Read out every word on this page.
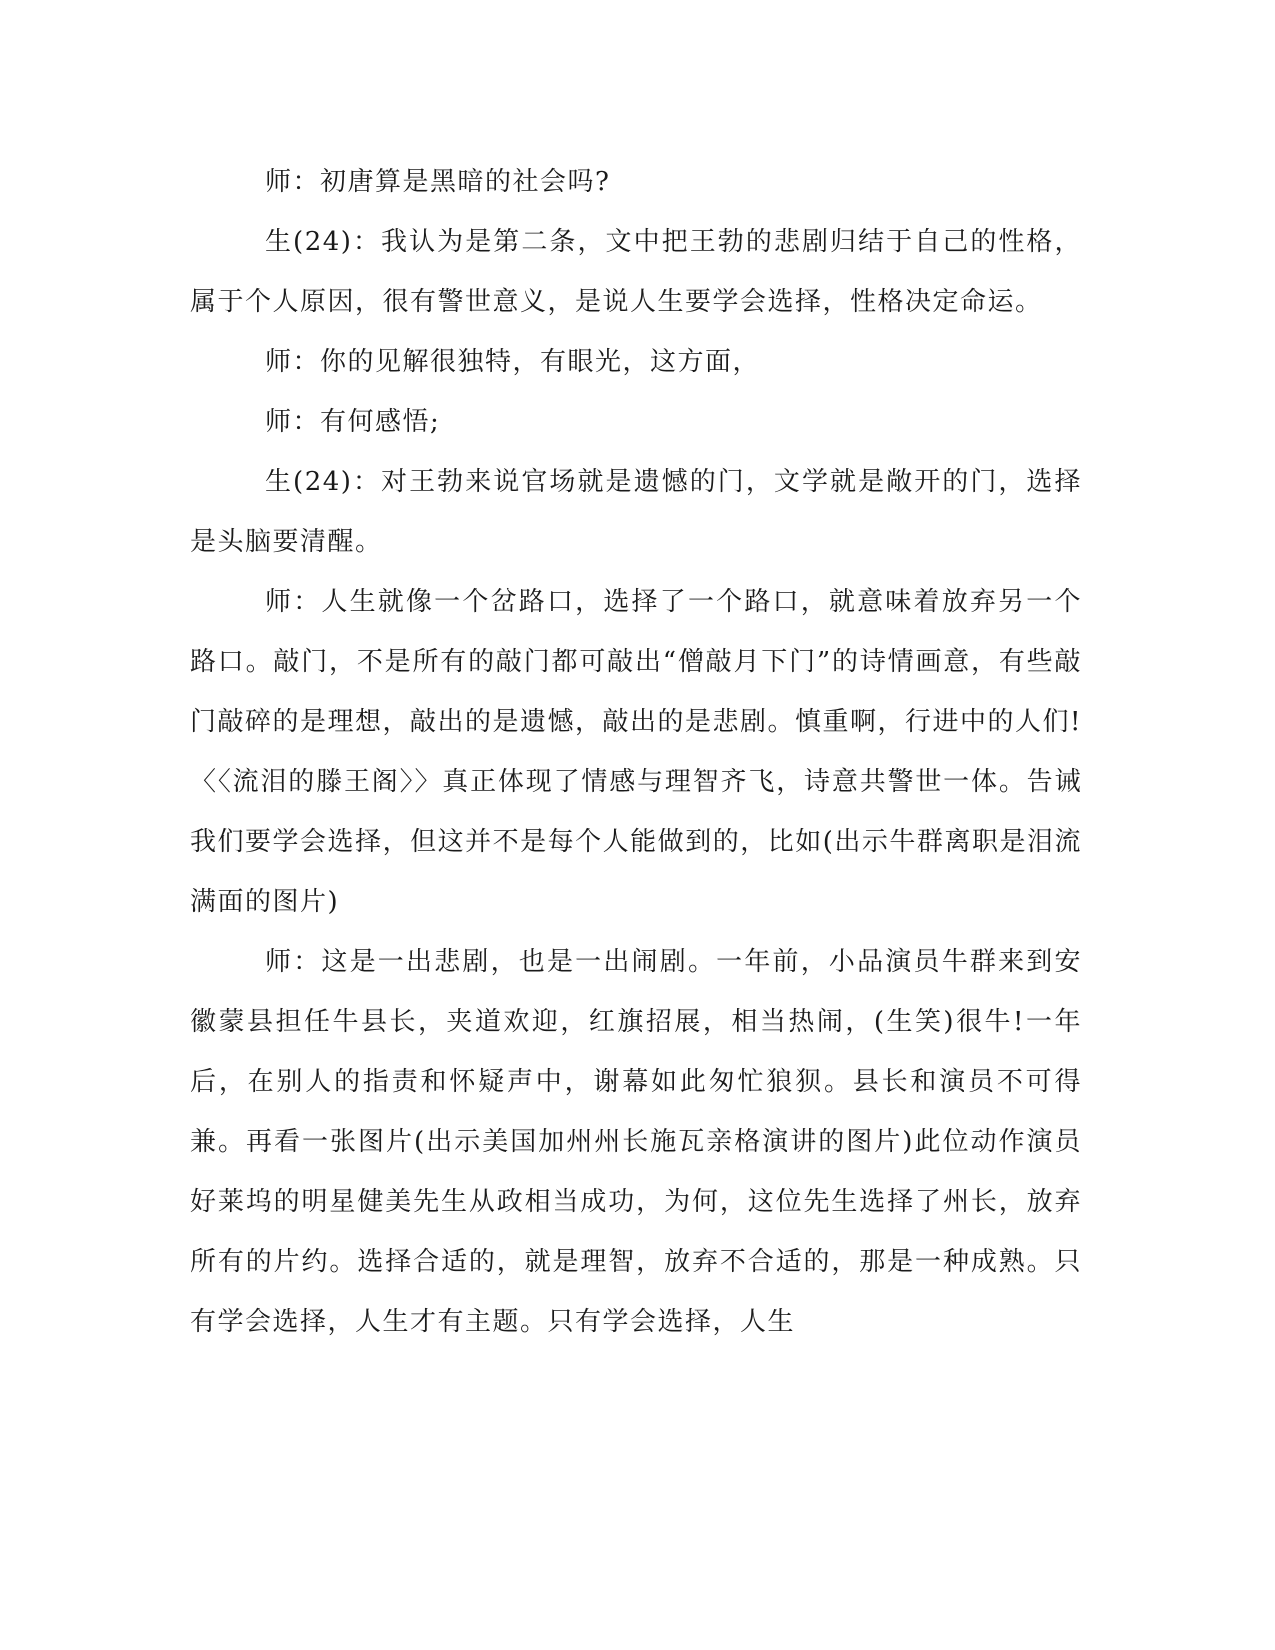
师：初唐算是黑暗的社会吗?

生(24)：我认为是第二条，文中把王勃的悲剧归结于自己的性格，属于个人原因，很有警世意义，是说人生要学会选择，性格决定命运。

师：你的见解很独特，有眼光，这方面，

师：有何感悟;

生(24)：对王勃来说官场就是遗憾的门，文学就是敞开的门，选择是头脑要清醒。

师：人生就像一个岔路口，选择了一个路口，就意味着放弃另一个路口。敲门，不是所有的敲门都可敲出“僧敲月下门”的诗情画意，有些敲门敲碎的是理想，敲出的是遗憾，敲出的是悲剧。慎重啊，行进中的人们!〈〈流泪的滕王阁〉〉真正体现了情感与理智齐飞，诗意共警世一体。告诫我们要学会选择，但这并不是每个人能做到的，比如(出示牛群离职是泪流满面的图片)

师：这是一出悲剧，也是一出闹剧。一年前，小品演员牛群来到安徽蒙县担任牛县长，夹道欢迎，红旗招展，相当热闹，(生笑)很牛!一年后，在别人的指责和怀疑声中，谢幕如此匆忙狼狈。县长和演员不可得兼。再看一张图片(出示美国加州州长施瓦亲格演讲的图片)此位动作演员好莱坞的明星健美先生从政相当成功，为何，这位先生选择了州长，放弃所有的片约。选择合适的，就是理智，放弃不合适的，那是一种成熟。只有学会选择，人生才有主题。只有学会选择，人生
